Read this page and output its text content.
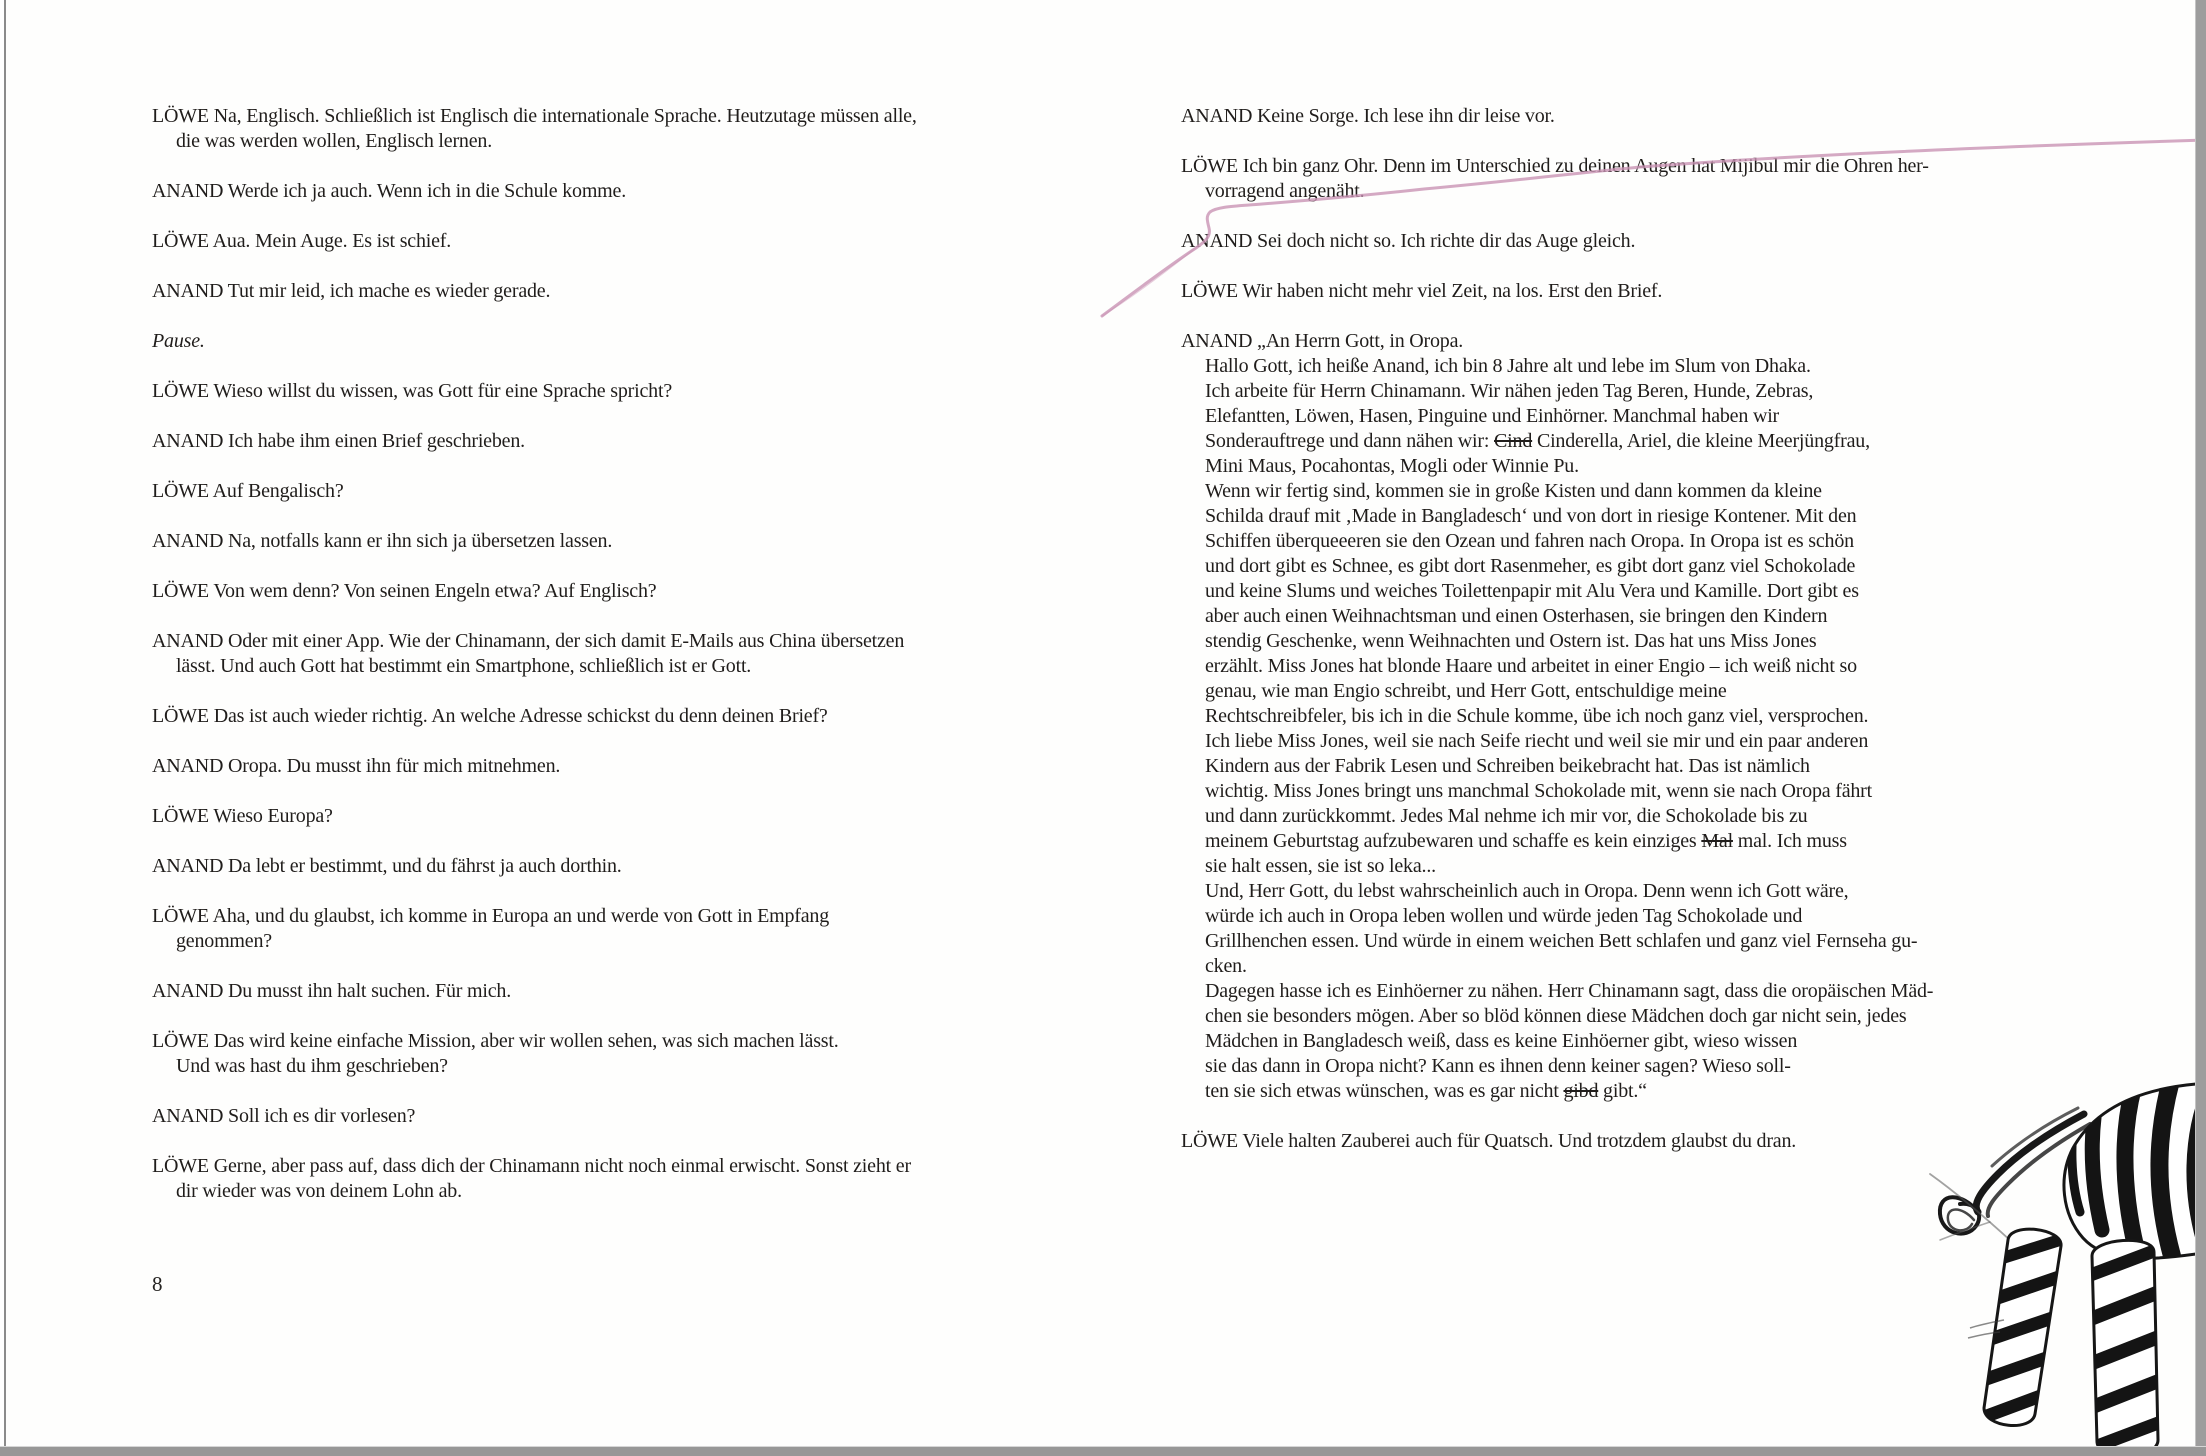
LÖWE Na, Englisch. Schließlich ist Englisch die internationale Sprache. Heutzutage müssen alle,
die was werden wollen, Englisch lernen.

ANAND Werde ich ja auch. Wenn ich in die Schule komme.

LÖWE Aua. Mein Auge. Es ist schief.

ANAND Tut mir leid, ich mache es wieder gerade.

Pause.

LÖWE Wieso willst du wissen, was Gott für eine Sprache spricht?

ANAND Ich habe ihm einen Brief geschrieben.

LÖWE Auf Bengalisch?

ANAND Na, notfalls kann er ihn sich ja übersetzen lassen.

LÖWE Von wem denn? Von seinen Engeln etwa? Auf Englisch?

ANAND Oder mit einer App. Wie der Chinamann, der sich damit E-Mails aus China übersetzen
lässt. Und auch Gott hat bestimmt ein Smartphone, schließlich ist er Gott.

LÖWE Das ist auch wieder richtig. An welche Adresse schickst du denn deinen Brief?

ANAND Oropa. Du musst ihn für mich mitnehmen.

LÖWE Wieso Europa?

ANAND Da lebt er bestimmt, und du fährst ja auch dorthin.

LÖWE Aha, und du glaubst, ich komme in Europa an und werde von Gott in Empfang
genommen?

ANAND Du musst ihn halt suchen. Für mich.

LÖWE Das wird keine einfache Mission, aber wir wollen sehen, was sich machen lässt.
Und was hast du ihm geschrieben?

ANAND Soll ich es dir vorlesen?

LÖWE Gerne, aber pass auf, dass dich der Chinamann nicht noch einmal erwischt. Sonst zieht er
dir wieder was von deinem Lohn ab.

ANAND Keine Sorge. Ich lese ihn dir leise vor.

LÖWE Ich bin ganz Ohr. Denn im Unterschied zu deinen Augen hat Mijibul mir die Ohren her-
vorragend angenäht.

ANAND Sei doch nicht so. Ich richte dir das Auge gleich.

LÖWE Wir haben nicht mehr viel Zeit, na los. Erst den Brief.

ANAND „An Herrn Gott, in Oropa.
Hallo Gott, ich heiße Anand, ich bin 8 Jahre alt und lebe im Slum von Dhaka.
Ich arbeite für Herrn Chinamann. Wir nähen jeden Tag Beren, Hunde, Zebras,
Elefantten, Löwen, Hasen, Pinguine und Einhörner. Manchmal haben wir
Sonderauftrege und dann nähen wir: Cind Cinderella, Ariel, die kleine Meerjüngfrau,
Mini Maus, Pocahontas, Mogli oder Winnie Pu.
Wenn wir fertig sind, kommen sie in große Kisten und dann kommen da kleine
Schilda drauf mit ‚Made in Bangladesch‘ und von dort in riesige Kontener. Mit den
Schiffen überqueeeren sie den Ozean und fahren nach Oropa. In Oropa ist es schön
und dort gibt es Schnee, es gibt dort Rasenmeher, es gibt dort ganz viel Schokolade
und keine Slums und weiches Toilettenpapir mit Alu Vera und Kamille. Dort gibt es
aber auch einen Weihnachtsman und einen Osterhasen, sie bringen den Kindern
stendig Geschenke, wenn Weihnachten und Ostern ist. Das hat uns Miss Jones
erzählt. Miss Jones hat blonde Haare und arbeitet in einer Engio – ich weiß nicht so
genau, wie man Engio schreibt, und Herr Gott, entschuldige meine
Rechtschreibfeler, bis ich in die Schule komme, übe ich noch ganz viel, versprochen.
Ich liebe Miss Jones, weil sie nach Seife riecht und weil sie mir und ein paar anderen
Kindern aus der Fabrik Lesen und Schreiben beikebracht hat. Das ist nämlich
wichtig. Miss Jones bringt uns manchmal Schokolade mit, wenn sie nach Oropa fährt
und dann zurückkommt. Jedes Mal nehme ich mir vor, die Schokolade bis zu
meinem Geburtstag aufzubewaren und schaffe es kein einziges Mal mal. Ich muss
sie halt essen, sie ist so leka...
Und, Herr Gott, du lebst wahrscheinlich auch in Oropa. Denn wenn ich Gott wäre,
würde ich auch in Oropa leben wollen und würde jeden Tag Schokolade und
Grillhenchen essen. Und würde in einem weichen Bett schlafen und ganz viel Fernseha gu-
cken.
Dagegen hasse ich es Einhöerner zu nähen. Herr Chinamann sagt, dass die oropäischen Mäd-
chen sie besonders mögen. Aber so blöd können diese Mädchen doch gar nicht sein, jedes
Mädchen in Bangladesch weiß, dass es keine Einhöerner gibt, wieso wissen
sie das dann in Oropa nicht? Kann es ihnen denn keiner sagen? Wieso soll-
ten sie sich etwas wünschen, was es gar nicht gibd gibt.“

LÖWE Viele halten Zauberei auch für Quatsch. Und trotzdem glaubst du dran.

8
